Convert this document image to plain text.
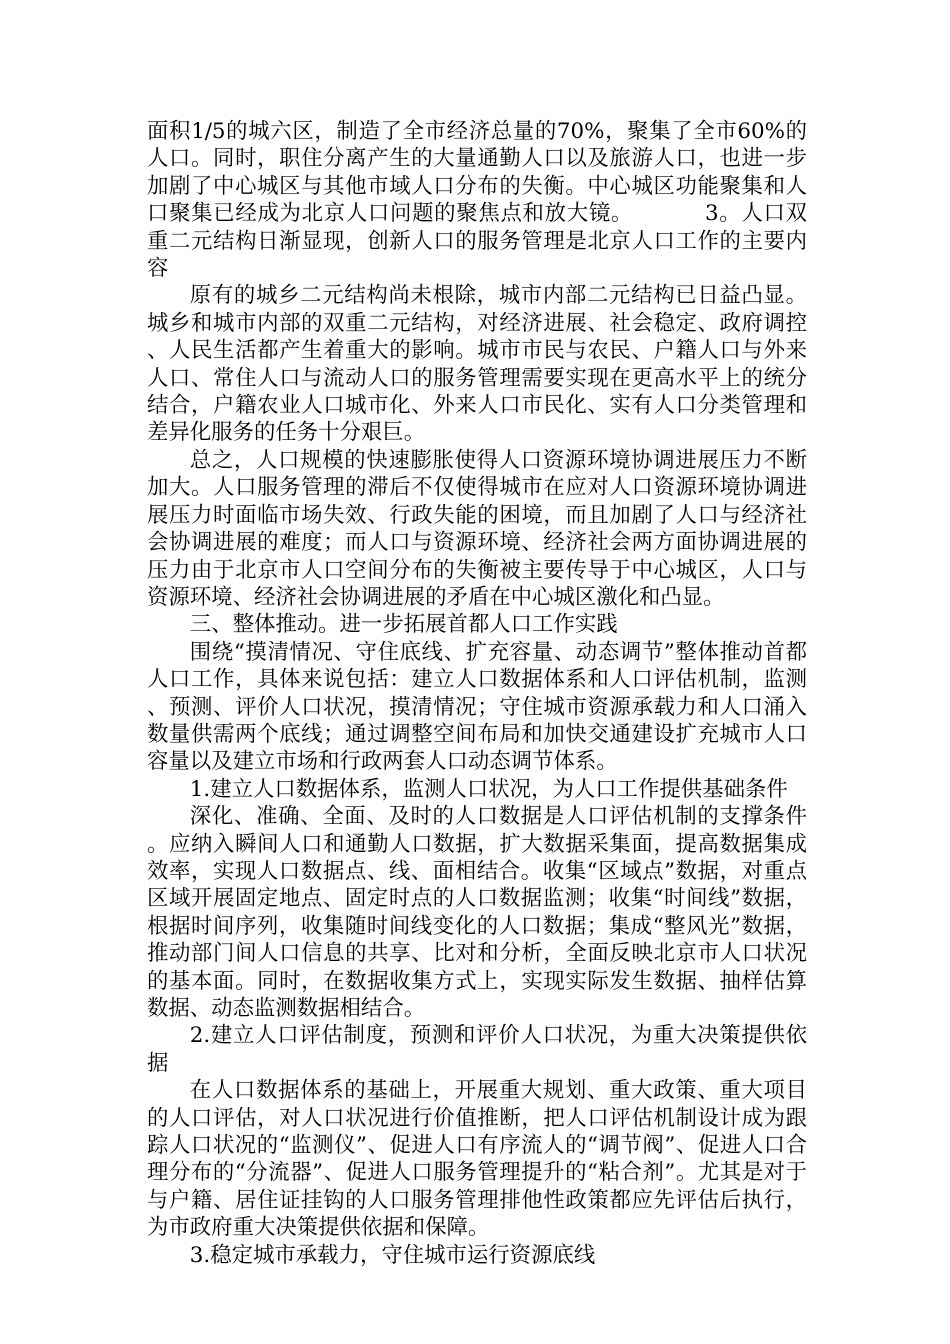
面积1/5的城六区，制造了全市经济总量的70%，聚集了全市60%的人口。同时，职住分离产生的大量通勤人口以及旅游人口，也进一步加剧了中心城区与其他市域人口分布的失衡。中心城区功能聚集和人口聚集已经成为北京人口问题的聚焦点和放大镜。	3。人口双重二元结构日渐显现，创新人口的服务管理是北京人口工作的主要内容

原有的城乡二元结构尚未根除，城市内部二元结构已日益凸显。城乡和城市内部的双重二元结构，对经济进展、社会稳定、政府调控、人民生活都产生着重大的影响。城市市民与农民、户籍人口与外来人口、常住人口与流动人口的服务管理需要实现在更高水平上的统分结合，户籍农业人口城市化、外来人口市民化、实有人口分类管理和差异化服务的任务十分艰巨。

总之，人口规模的快速膨胀使得人口资源环境协调进展压力不断加大。人口服务管理的滞后不仅使得城市在应对人口资源环境协调进展压力时面临市场失效、行政失能的困境，而且加剧了人口与经济社会协调进展的难度；而人口与资源环境、经济社会两方面协调进展的压力由于北京市人口空间分布的失衡被主要传导于中心城区，人口与资源环境、经济社会协调进展的矛盾在中心城区激化和凸显。

三、整体推动。进一步拓展首都人口工作实践

围绕“摸清情况、守住底线、扩充容量、动态调节”整体推动首都人口工作，具体来说包括：建立人口数据体系和人口评估机制，监测、预测、评价人口状况，摸清情况；守住城市资源承载力和人口涌入数量供需两个底线；通过调整空间布局和加快交通建设扩充城市人口容量以及建立市场和行政两套人口动态调节体系。

1.建立人口数据体系，监测人口状况，为人口工作提供基础条件

深化、准确、全面、及时的人口数据是人口评估机制的支撑条件。应纳入瞬间人口和通勤人口数据，扩大数据采集面，提高数据集成效率，实现人口数据点、线、面相结合。收集“区域点”数据，对重点区域开展固定地点、固定时点的人口数据监测；收集“时间线”数据，根据时间序列，收集随时间线变化的人口数据；集成“整风光”数据，推动部门间人口信息的共享、比对和分析，全面反映北京市人口状况的基本面。同时，在数据收集方式上，实现实际发生数据、抽样估算数据、动态监测数据相结合。

2.建立人口评估制度，预测和评价人口状况，为重大决策提供依据

在人口数据体系的基础上，开展重大规划、重大政策、重大项目的人口评估，对人口状况进行价值推断，把人口评估机制设计成为跟踪人口状况的“监测仪”、促进人口有序流人的“调节阀”、促进人口合理分布的“分流器”、促进人口服务管理提升的“粘合剂”。尤其是对于与户籍、居住证挂钩的人口服务管理排他性政策都应先评估后执行，为市政府重大决策提供依据和保障。

3.稳定城市承载力，守住城市运行资源底线
